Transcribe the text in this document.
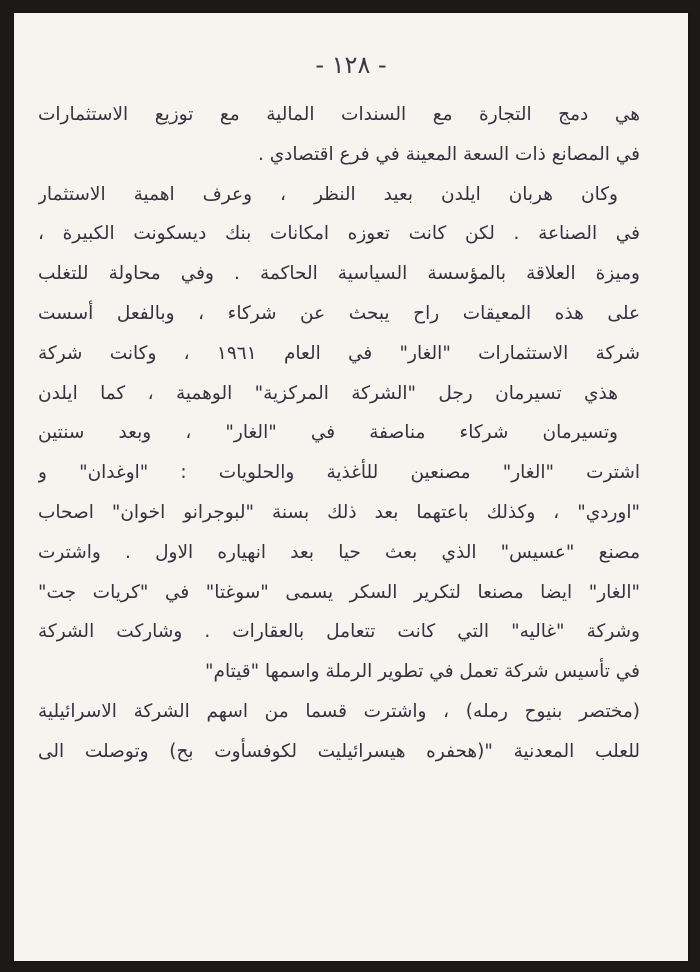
- ١٢٨ -
هي دمج التجارة مع السندات المالية مع توزيع الاستثمارات
في المصانع ذات السعة المعينة في فرع اقتصادي .
وكان هربان ايلدن بعيد النظر ، وعرف اهمية الاستثمار
في الصناعة . لكن كانت تعوزه امكانات بنك ديسكونت الكبيرة ،
وميزة العلاقة بالمؤسسة السياسية الحاكمة . وفي محاولة للتغلب
على هذه المعيقات راح يبحث عن شركاء ، وبالفعل أسست
شركة الاستثمارات "الغار" في العام ١٩٦١ ، وكانت شركة
هذي تسيرمان رجل "الشركة المركزية" الوهمية ، كما ايلدن
وتسيرمان شركاء مناصفة في "الغار" ، وبعد سنتين
اشترت "الغار" مصنعين للأغذية والحلويات : "اوغدان" و
"اوردي" ، وكذلك باعتهما بعد ذلك بسنة "لبوجرانو اخوان" اصحاب
مصنع "عسيس" الذي بعث حيا بعد انهياره الاول . واشترت
"الغار" ايضا مصنعا لتكرير السكر يسمى "سوغتا" في "كريات جت"
وشركة "غاليه" التي كانت تتعامل بالعقارات . وشاركت الشركة
في تأسيس شركة تعمل في تطوير الرملة واسمها "قيتام"
(مختصر بنيوح رمله) ، واشترت قسما من اسهم الشركة الاسرائيلية
للعلب المعدنية "(هحفره هيسرائيليت لكوفسأوت بح) وتوصلت الى
